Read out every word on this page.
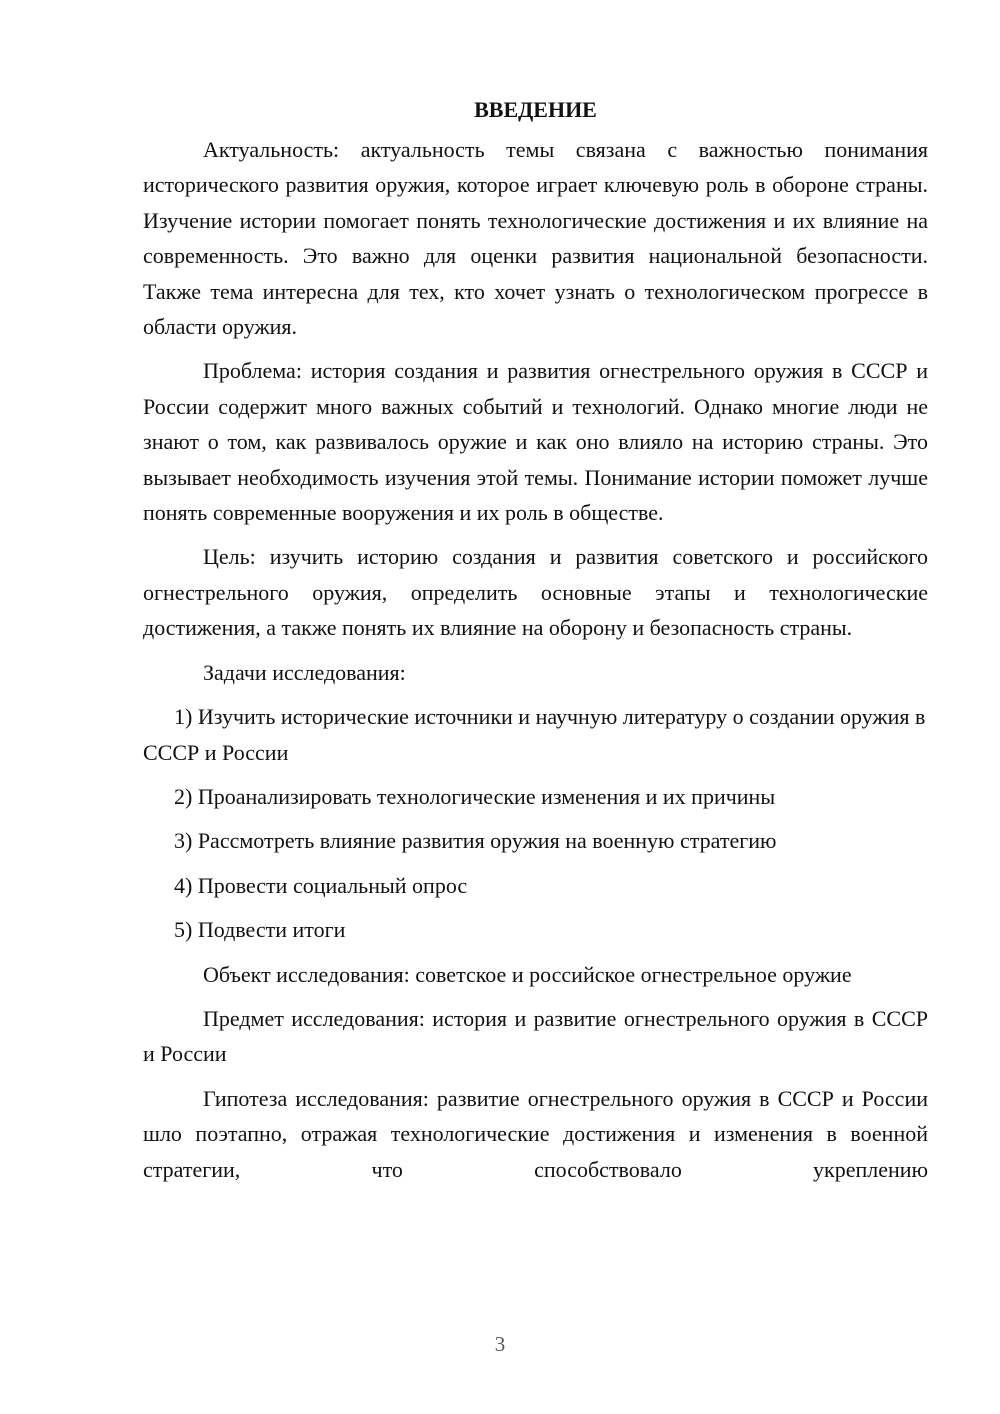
ВВЕДЕНИЕ

Актуальность: актуальность темы связана с важностью понимания исторического развития оружия, которое играет ключевую роль в обороне страны. Изучение истории помогает понять технологические достижения и их влияние на современность. Это важно для оценки развития национальной безопасности. Также тема интересна для тех, кто хочет узнать о технологическом прогрессе в области оружия.

Проблема: история создания и развития огнестрельного оружия в СССР и России содержит много важных событий и технологий. Однако многие люди не знают о том, как развивалось оружие и как оно влияло на историю страны. Это вызывает необходимость изучения этой темы. Понимание истории поможет лучше понять современные вооружения и их роль в обществе.

Цель: изучить историю создания и развития советского и российского огнестрельного оружия, определить основные этапы и технологические достижения, а также понять их влияние на оборону и безопасность страны.

Задачи исследования:

1) Изучить исторические источники и научную литературу о создании оружия в СССР и России

2) Проанализировать технологические изменения и их причины

3) Рассмотреть влияние развития оружия на военную стратегию

4) Провести социальный опрос

5) Подвести итоги

Объект исследования: советское и российское огнестрельное оружие

Предмет исследования: история и развитие огнестрельного оружия в СССР и России

Гипотеза исследования: развитие огнестрельного оружия в СССР и России шло поэтапно, отражая технологические достижения и изменения в военной стратегии, что способствовало укреплению

3
